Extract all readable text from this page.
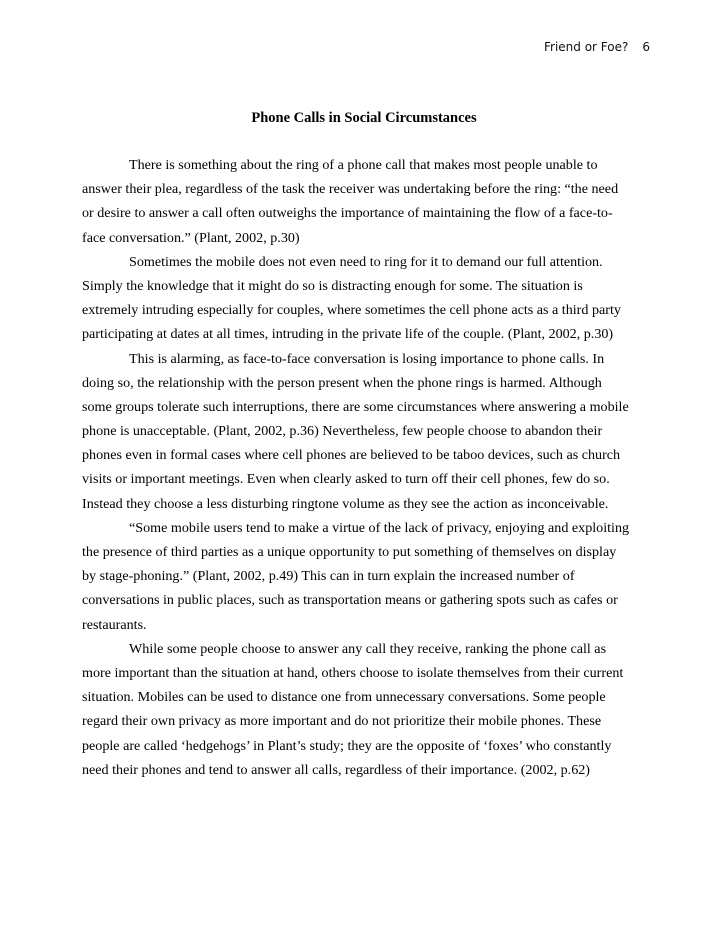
Friend or Foe? 6
Phone Calls in Social Circumstances
There is something about the ring of a phone call that makes most people unable to
answer their plea, regardless of the task the receiver was undertaking before the ring: “the need
or desire to answer a call often outweighs the importance of maintaining the flow of a face-to-
face conversation.” (Plant, 2002, p.30)
Sometimes the mobile does not even need to ring for it to demand our full attention.
Simply the knowledge that it might do so is distracting enough for some. The situation is
extremely intruding especially for couples, where sometimes the cell phone acts as a third party
participating at dates at all times, intruding in the private life of the couple. (Plant, 2002, p.30)
This is alarming, as face-to-face conversation is losing importance to phone calls. In
doing so, the relationship with the person present when the phone rings is harmed. Although
some groups tolerate such interruptions, there are some circumstances where answering a mobile
phone is unacceptable. (Plant, 2002, p.36) Nevertheless, few people choose to abandon their
phones even in formal cases where cell phones are believed to be taboo devices, such as church
visits or important meetings. Even when clearly asked to turn off their cell phones, few do so.
Instead they choose a less disturbing ringtone volume as they see the action as inconceivable.
“Some mobile users tend to make a virtue of the lack of privacy, enjoying and exploiting
the presence of third parties as a unique opportunity to put something of themselves on display
by stage-phoning.” (Plant, 2002, p.49) This can in turn explain the increased number of
conversations in public places, such as transportation means or gathering spots such as cafes or
restaurants.
While some people choose to answer any call they receive, ranking the phone call as
more important than the situation at hand, others choose to isolate themselves from their current
situation. Mobiles can be used to distance one from unnecessary conversations. Some people
regard their own privacy as more important and do not prioritize their mobile phones. These
people are called ‘hedgehogs’ in Plant’s study; they are the opposite of ‘foxes’ who constantly
need their phones and tend to answer all calls, regardless of their importance. (2002, p.62)
